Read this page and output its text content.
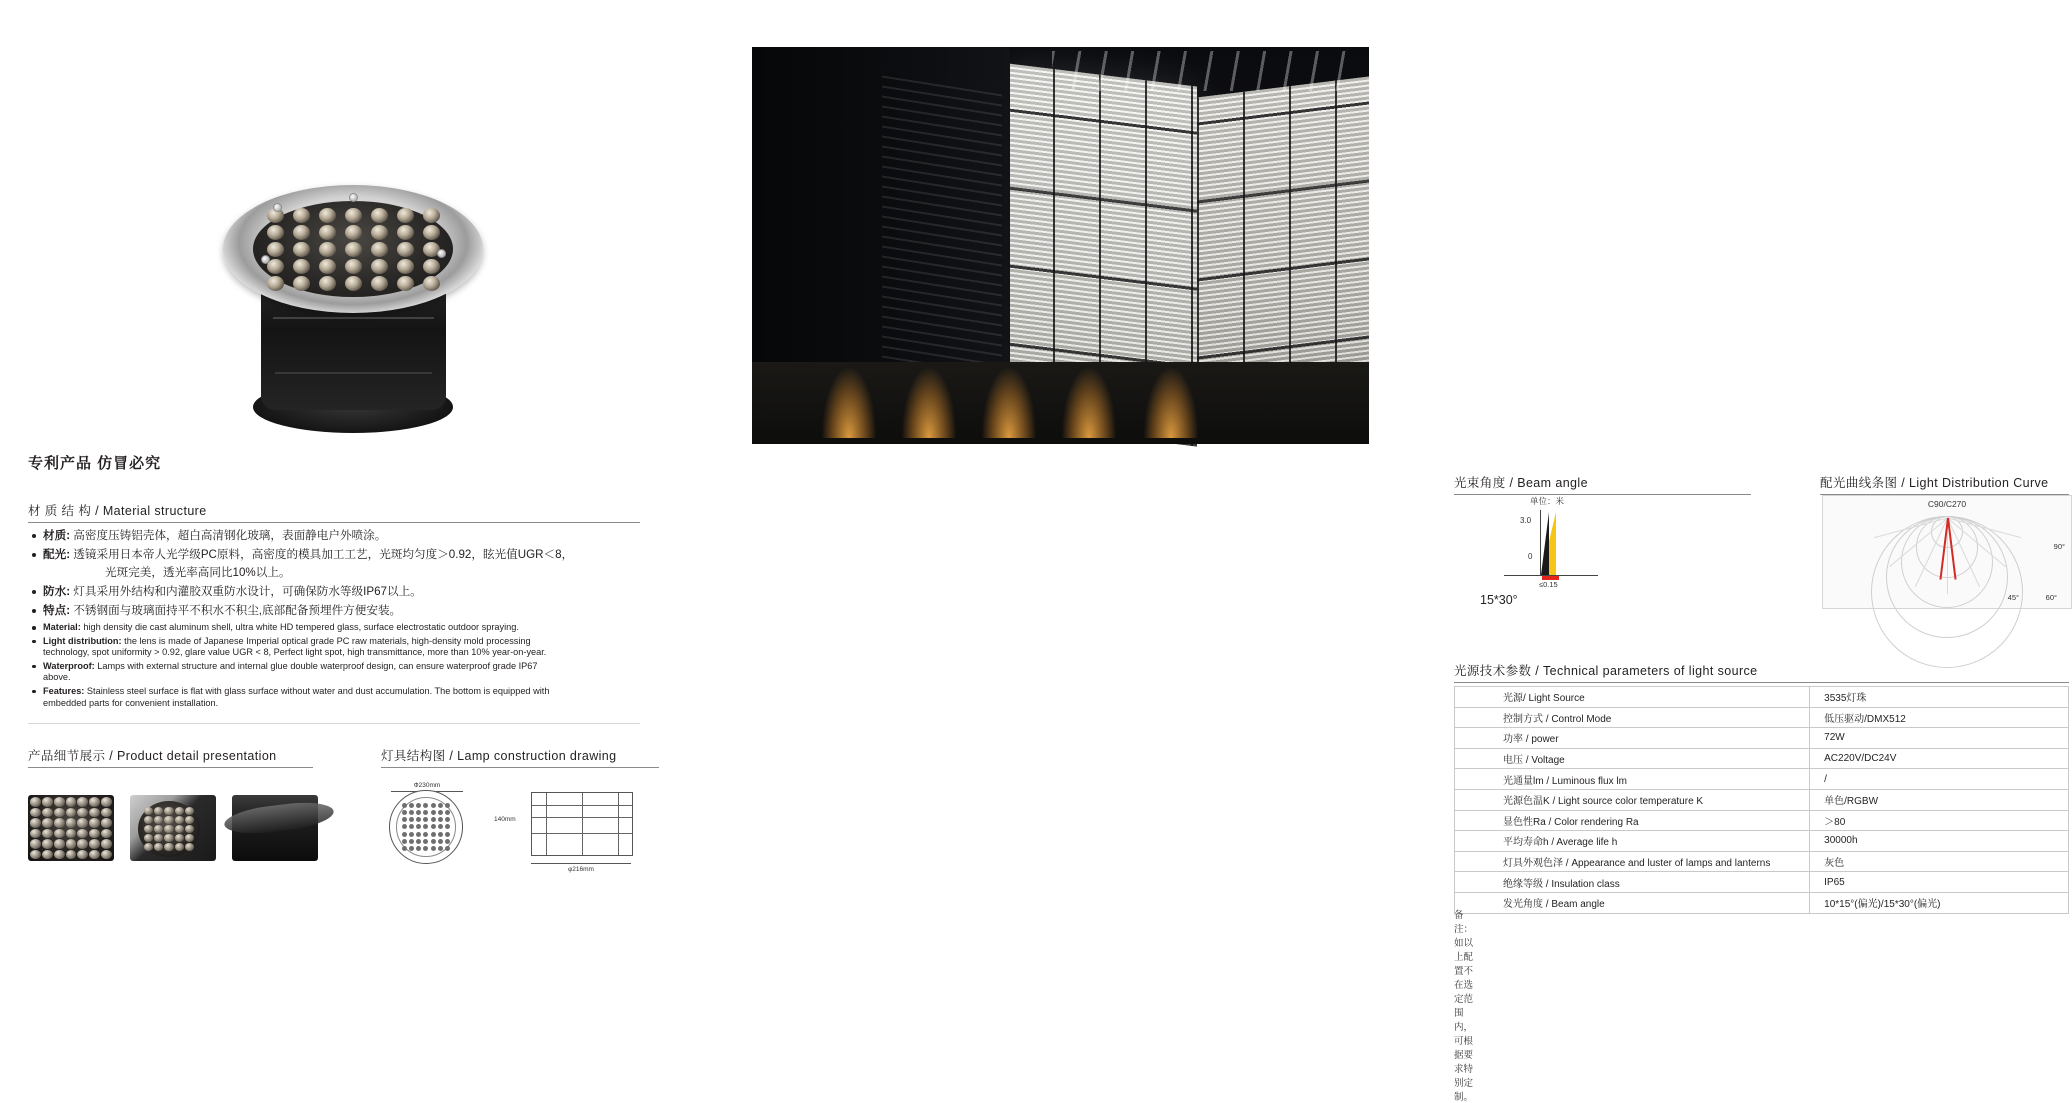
专利产品 仿冒必究
材 质 结 构 / Material structure
材质: 高密度压铸铝壳体，超白高清钢化玻璃，表面静电户外喷涂。
配光: 透镜采用日本帝人光学级PC原料，高密度的模具加工工艺，光斑均匀度＞0.92，眩光值UGR＜8，
光斑完美，透光率高同比10%以上。
防水: 灯具采用外结构和内灌胶双重防水设计，可确保防水等级IP67以上。
特点: 不锈钢面与玻璃面持平不积水不积尘,底部配备预埋件方便安装。
Material: high density die cast aluminum shell, ultra white HD tempered glass, surface electrostatic outdoor spraying.
Light distribution: the lens is made of Japanese Imperial optical grade PC raw materials, high-density mold processing technology, spot uniformity > 0.92, glare value UGR < 8, Perfect light spot, high transmittance, more than 10% year-on-year.
Waterproof: Lamps with external structure and internal glue double waterproof design, can ensure waterproof grade IP67 above.
Features: Stainless steel surface is flat with glass surface without water and dust accumulation. The bottom is equipped with embedded parts for convenient installation.
产品细节展示 / Product detail presentation	灯具结构图 / Lamp construction drawing
Ф230mm
140mm
φ216mm
光束角度 / Beam angle	配光曲线条图 / Light Distribution Curve
单位：米
3.0
0
≤0.15
15*30°
C90/C270
90°
45°	60°
光源技术参数 / Technical parameters of light source
光源/ Light Source	3535灯珠
控制方式 / Control Mode	低压驱动/DMX512
功率 / power	72W
电压 / Voltage	AC220V/DC24V
光通量lm / Luminous flux lm	/
光源色温K / Light source color temperature K	单色/RGBW
显色性Ra / Color rendering Ra	＞80
平均寿命h / Average life h	30000h
灯具外观色泽 / Appearance and luster of lamps and lanterns	灰色
绝缘等级 / Insulation class	IP65
发光角度 / Beam angle	10*15°(偏光)/15*30°(偏光)
备注：如以上配置不在选定范围内，可根据要求特别定制。
